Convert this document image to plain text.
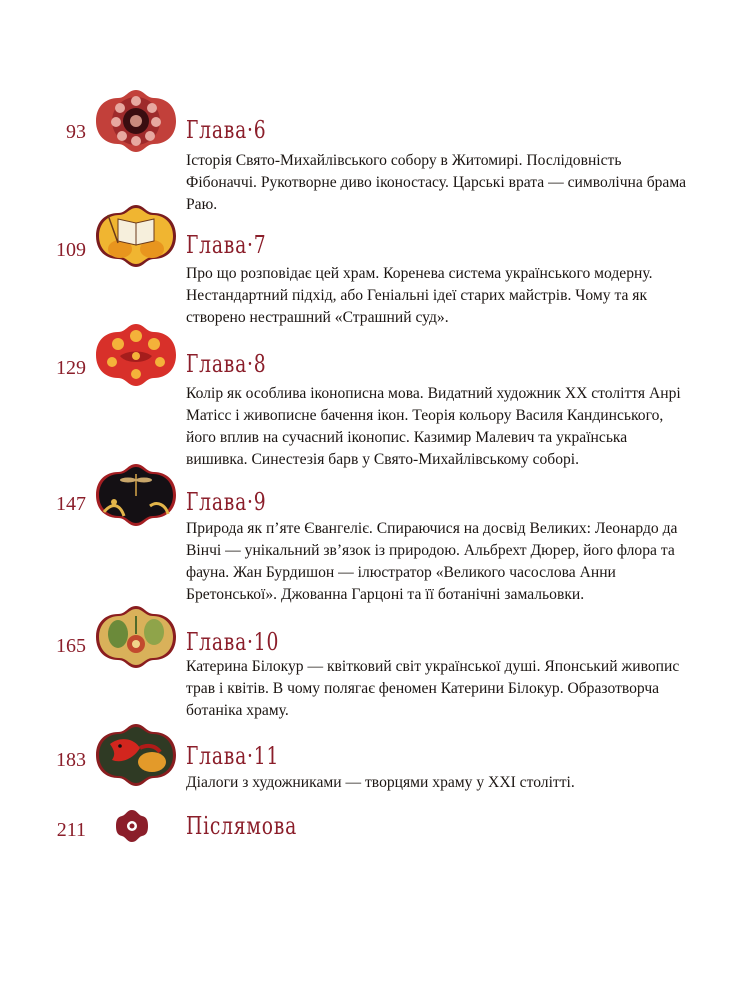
93	Глава·6

Історія Свято-Михайлівського собору в Житомирі. Послідовність Фібоначчі. Рукотворне диво іконостасу. Царські врата — символічна брама Раю.

109	Глава·7

Про що розповідає цей храм. Коренева система українського модерну. Нестандартний підхід, або Геніальні ідеї старих майстрів. Чому та як створено нестрашний «Страшний суд».

129	Глава·8

Колір як особлива іконописна мова. Видатний художник ХХ століття Анрі Матісс і живописне бачення ікон. Теорія кольору Василя Кандинського, його вплив на сучасний іконопис. Казимир Малевич та українська вишивка. Синестезія барв у Свято-Михайлівському соборі.

147	Глава·9

Природа як п’яте Євангеліє. Спираючися на досвід Великих: Леонардо да Вінчі — унікальний зв’язок із природою. Альбрехт Дюрер, його флора та фауна. Жан Бурдишон — ілюстратор «Великого часослова Анни Бретонської». Джованна Гарцоні та її ботанічні замальовки.

165	Глава·10

Катерина Білокур — квітковий світ української душі. Японський живопис трав і квітів. В чому полягає феномен Катерини Білокур. Образотворча ботаніка храму.

183	Глава·11

Діалоги з художниками — творцями храму у ХХІ столітті.

211	Післямова
